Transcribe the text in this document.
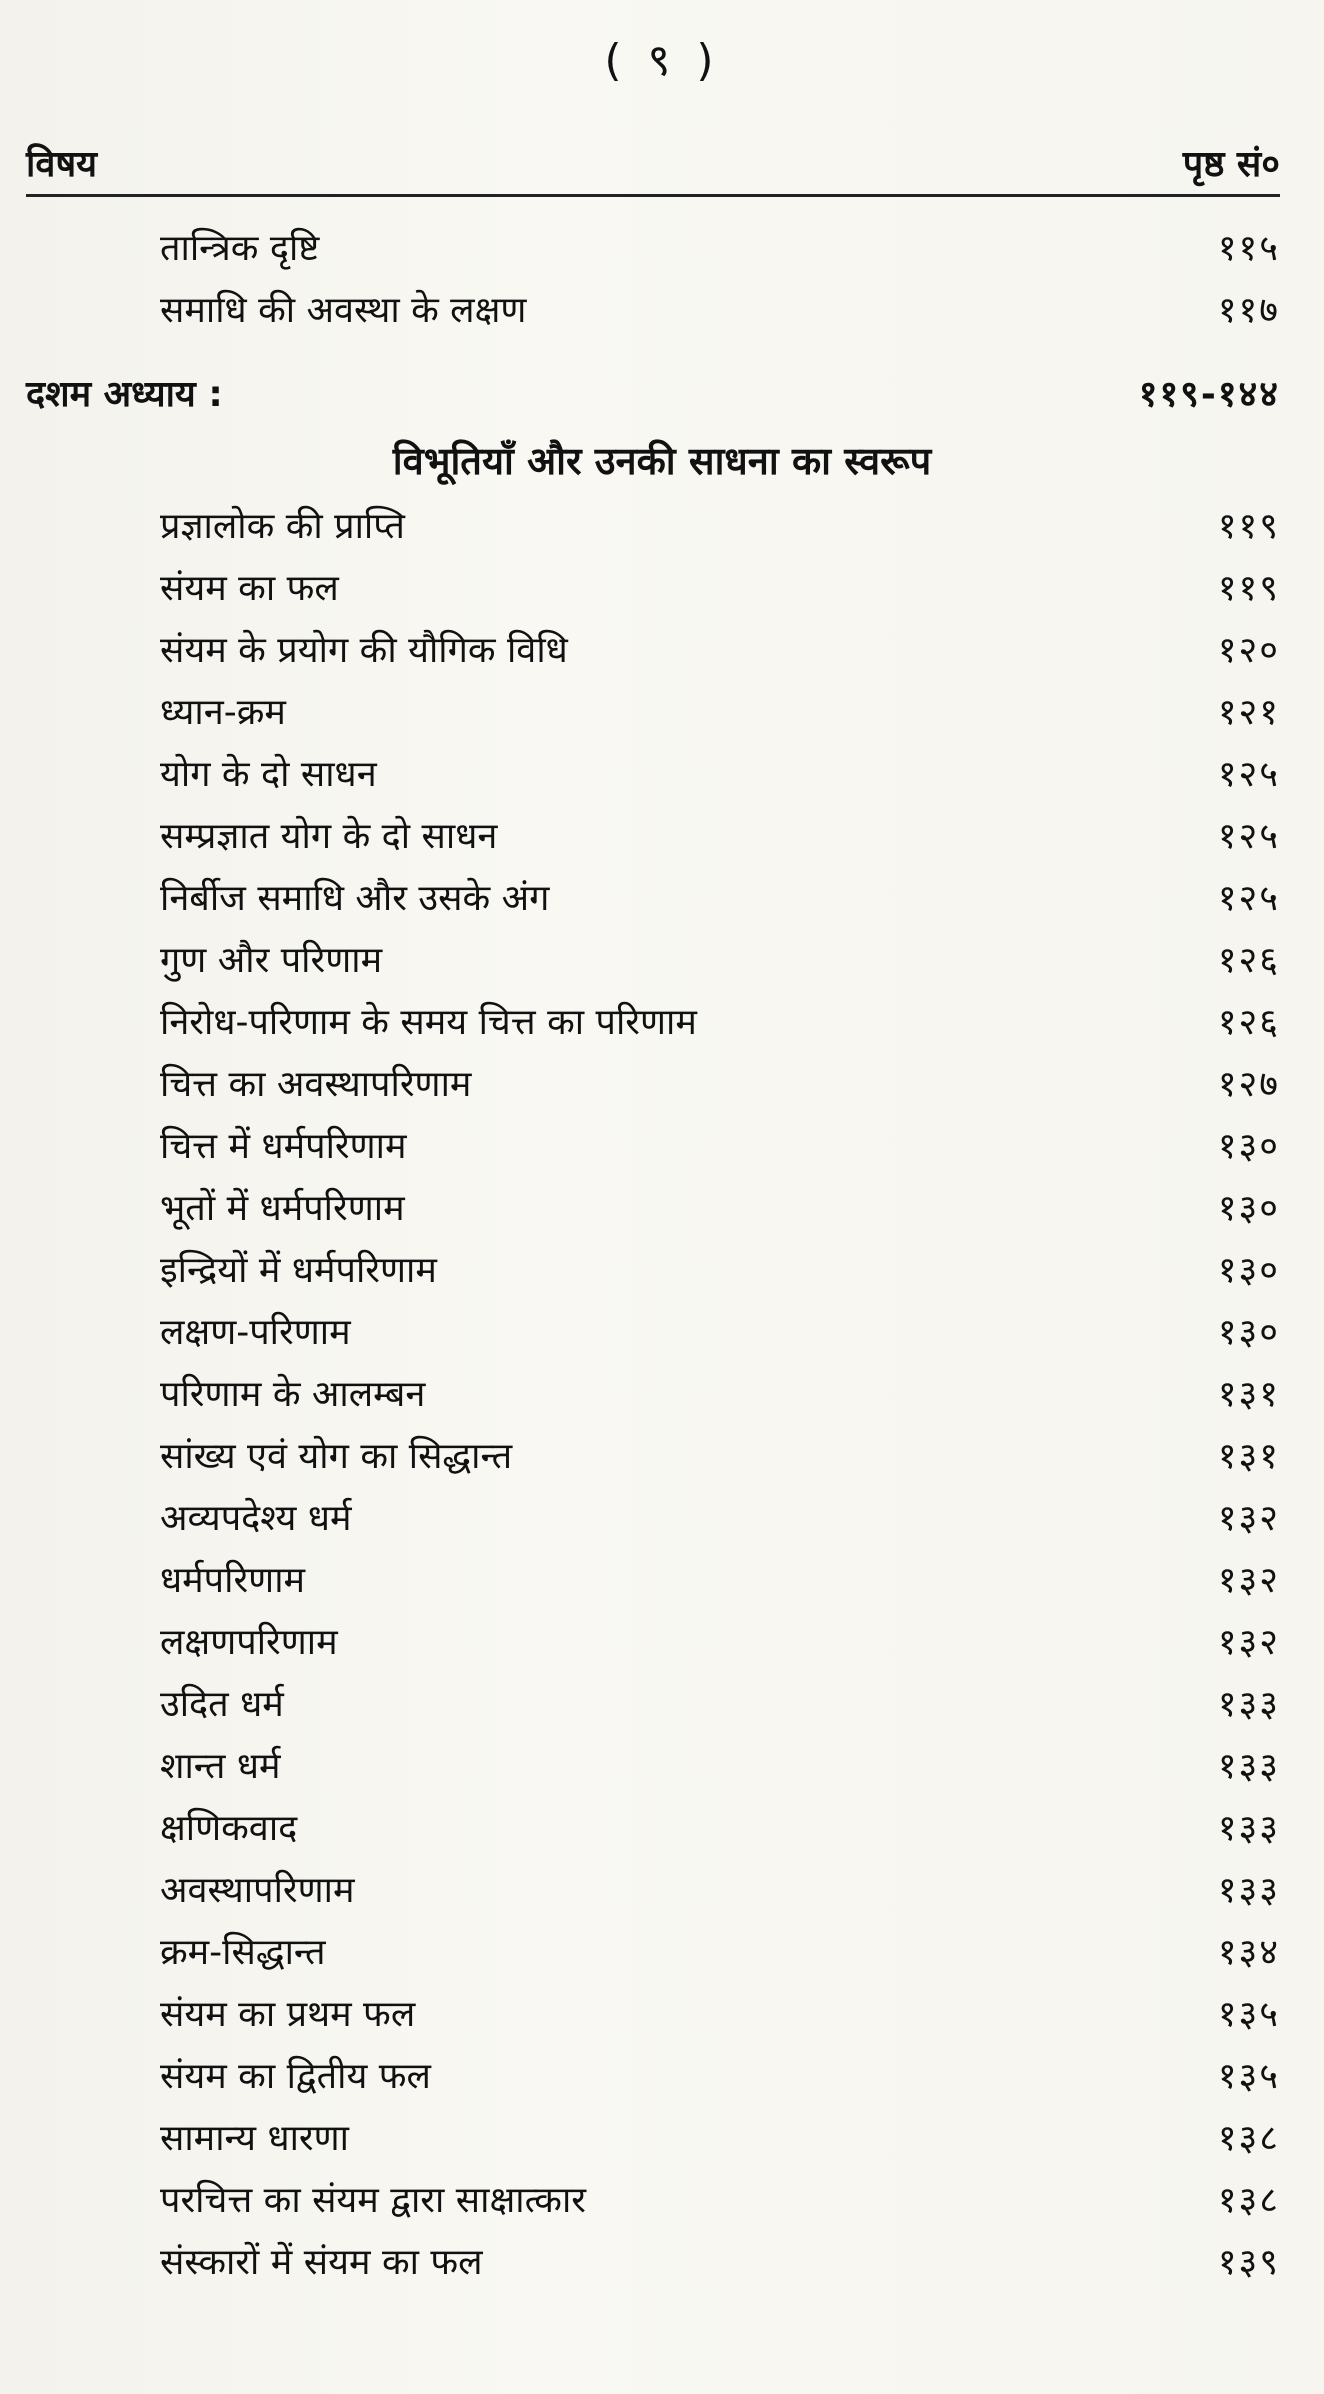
( ९ )
विषय	पृष्ठ सं०
तान्त्रिक दृष्टि	११५
समाधि की अवस्था के लक्षण	११७
दशम अध्याय :	११९-१४४
विभूतियाँ और उनकी साधना का स्वरूप
प्रज्ञालोक की प्राप्ति	११९
संयम का फल	११९
संयम के प्रयोग की यौगिक विधि	१२०
ध्यान-क्रम	१२१
योग के दो साधन	१२५
सम्प्रज्ञात योग के दो साधन	१२५
निर्बीज समाधि और उसके अंग	१२५
गुण और परिणाम	१२६
निरोध-परिणाम के समय चित्त का परिणाम	१२६
चित्त का अवस्थापरिणाम	१२७
चित्त में धर्मपरिणाम	१३०
भूतों में धर्मपरिणाम	१३०
इन्द्रियों में धर्मपरिणाम	१३०
लक्षण-परिणाम	१३०
परिणाम के आलम्बन	१३१
सांख्य एवं योग का सिद्धान्त	१३१
अव्यपदेश्य धर्म	१३२
धर्मपरिणाम	१३२
लक्षणपरिणाम	१३२
उदित धर्म	१३३
शान्त धर्म	१३३
क्षणिकवाद	१३३
अवस्थापरिणाम	१३३
क्रम-सिद्धान्त	१३४
संयम का प्रथम फल	१३५
संयम का द्वितीय फल	१३५
सामान्य धारणा	१३८
परचित्त का संयम द्वारा साक्षात्कार	१३८
संस्कारों में संयम का फल	१३९
